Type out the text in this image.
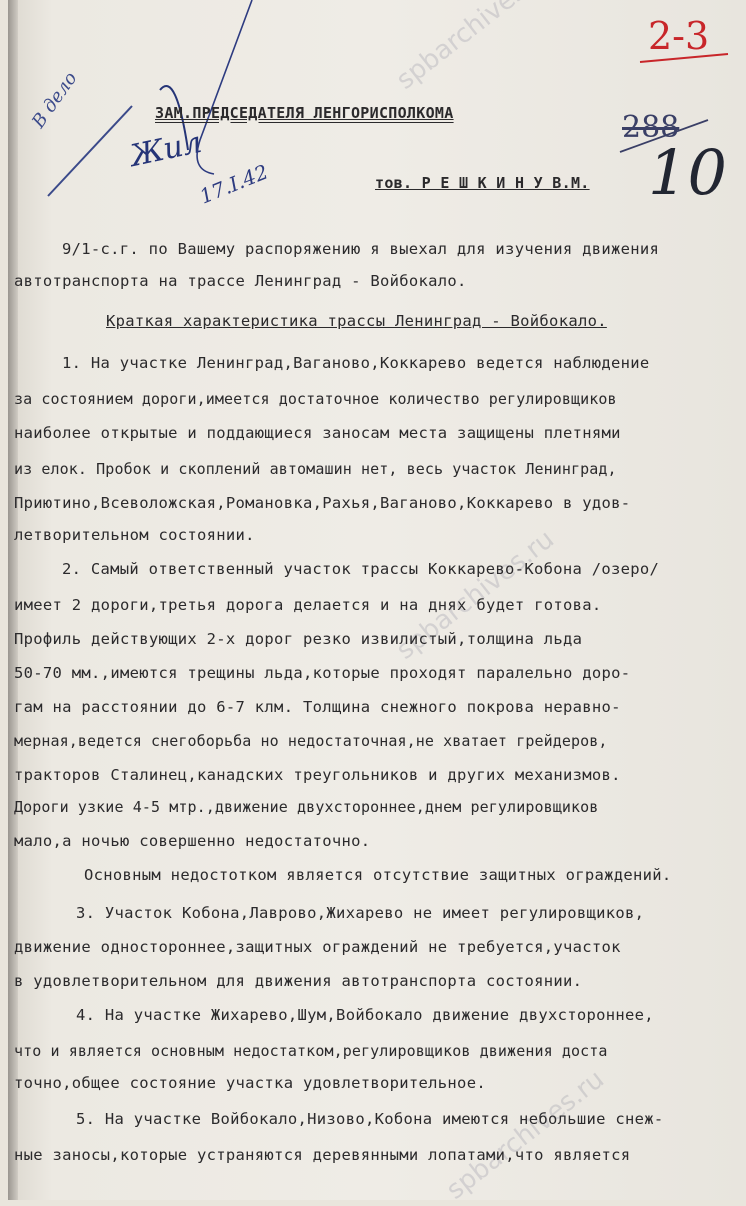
spbarchives.ru
spbarchives.ru
2-3
288
10
В дело
Жил
17.I.42

ЗАМ.ПРЕДСЕДАТЕЛЯ ЛЕНГОРИСПОЛКОМА

тов. Р Е Ш К И Н У В.М.

9/1-с.г. по Вашему распоряжению я выехал для изучения движения

автотранспорта на трассе Ленинград - Войбокало.

Краткая характеристика трассы Ленинград - Войбокало.

1. На участке Ленинград,Ваганово,Коккарево ведется наблюдение

за состоянием дороги,имеется достаточное количество регулировщиков

наиболее открытые и поддающиеся заносам места защищены плетнями

из елок. Пробок и скоплений автомашин нет, весь участок Ленинград,

Приютино,Всеволожская,Романовка,Рахья,Ваганово,Коккарево в удов-

летворительном состоянии.

2. Самый ответственный участок трассы Коккарево-Кобона /озеро/

имеет 2 дороги,третья дорога делается и на днях будет готова.

Профиль действующих 2-х дорог резко извилистый,толщина льда

50-70 мм.,имеются трещины льда,которые проходят паралельно доро-

гам на расстоянии до 6-7 клм. Толщина снежного покрова неравно-

мерная,ведется снегоборьба но недостаточная,не хватает грейдеров,

тракторов Сталинец,канадских треугольников и других механизмов.

Дороги узкие 4-5 мтр.,движение двухстороннее,днем регулировщиков

мало,а ночью совершенно недостаточно.

Основным недостотком является отсутствие защитных ограждений.

3. Участок Кобона,Лаврово,Жихарево не имеет регулировщиков,

движение одностороннее,защитных ограждений не требуется,участок

в удовлетворительном для движения автотранспорта состоянии.

4. На участке Жихарево,Шум,Войбокало движение двухстороннее,

что и является основным недостатком,регулировщиков движения доста

точно,общее состояние участка удовлетворительное.

5. На участке Войбокало,Низово,Кобона имеются небольшие снеж-

ные заносы,которые устраняются деревянными лопатами,что является
